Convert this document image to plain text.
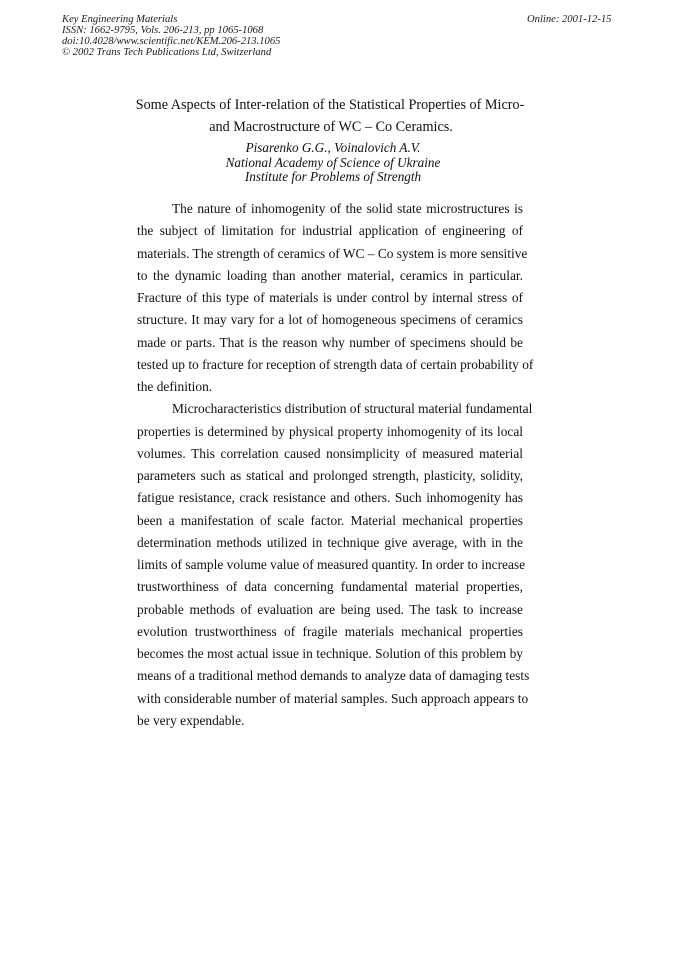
Key Engineering Materials
ISSN: 1662-9795, Vols. 206-213, pp 1065-1068
doi:10.4028/www.scientific.net/KEM.206-213.1065
© 2002 Trans Tech Publications Ltd, Switzerland
Online: 2001-12-15
Some Aspects of Inter-relation of the Statistical Properties of Micro-
and Macrostructure of WC – Co Ceramics.
Pisarenko G.G., Voinalovich A.V.
National Academy of Science of Ukraine
Institute for Problems of Strength

The nature of inhomogenity of the solid state microstructures is
the subject of limitation for industrial application of engineering of
materials. The strength of ceramics of WC – Co system is more sensitive
to the dynamic loading than another material, ceramics in particular.
Fracture of this type of materials is under control by internal stress of
structure. It may vary for a lot of homogeneous specimens of ceramics
made or parts. That is the reason why number of specimens should be
tested up to fracture for reception of strength data of certain probability of
the definition.

Microcharacteristics distribution of structural material fundamental
properties is determined by physical property inhomogenity of its local
volumes. This correlation caused nonsimplicity of measured material
parameters such as statical and prolonged strength, plasticity, solidity,
fatigue resistance, crack resistance and others. Such inhomogenity has
been a manifestation of scale factor. Material mechanical properties
determination methods utilized in technique give average, with in the
limits of sample volume value of measured quantity. In order to increase
trustworthiness of data concerning fundamental material properties,
probable methods of evaluation are being used. The task to increase
evolution trustworthiness of fragile materials mechanical properties
becomes the most actual issue in technique. Solution of this problem by
means of a traditional method demands to analyze data of damaging tests
with considerable number of material samples. Such approach appears to
be very expendable.
